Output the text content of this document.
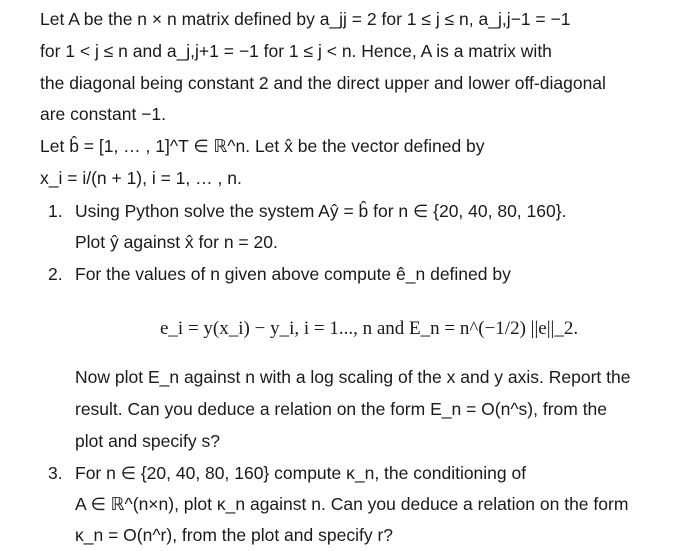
Let A be the n × n matrix defined by a_jj = 2 for 1 ≤ j ≤ n, a_j,j−1 = −1
for 1 < j ≤ n and a_j,j+1 = −1 for 1 ≤ j < n. Hence, A is a matrix with
the diagonal being constant 2 and the direct upper and lower off-diagonal
are constant −1.
Let b̂ = [1, … , 1]^T ∈ ℝ^n. Let x̂ be the vector defined by
x_i = i/(n + 1), i = 1, … , n.
1. Using Python solve the system Aŷ = b̂ for n ∈ {20, 40, 80, 160}.
Plot ŷ against x̂ for n = 20.
2. For the values of n given above compute ê_n defined by
e_i = y(x_i) − y_i, i = 1..., n and E_n = n^(−1/2) ||e||_2.
Now plot E_n against n with a log scaling of the x and y axis. Report the
result. Can you deduce a relation on the form E_n = O(n^s), from the
plot and specify s?
3. For n ∈ {20, 40, 80, 160} compute κ_n, the conditioning of
A ∈ ℝ^(n×n), plot κ_n against n. Can you deduce a relation on the form
κ_n = O(n^r), from the plot and specify r?
